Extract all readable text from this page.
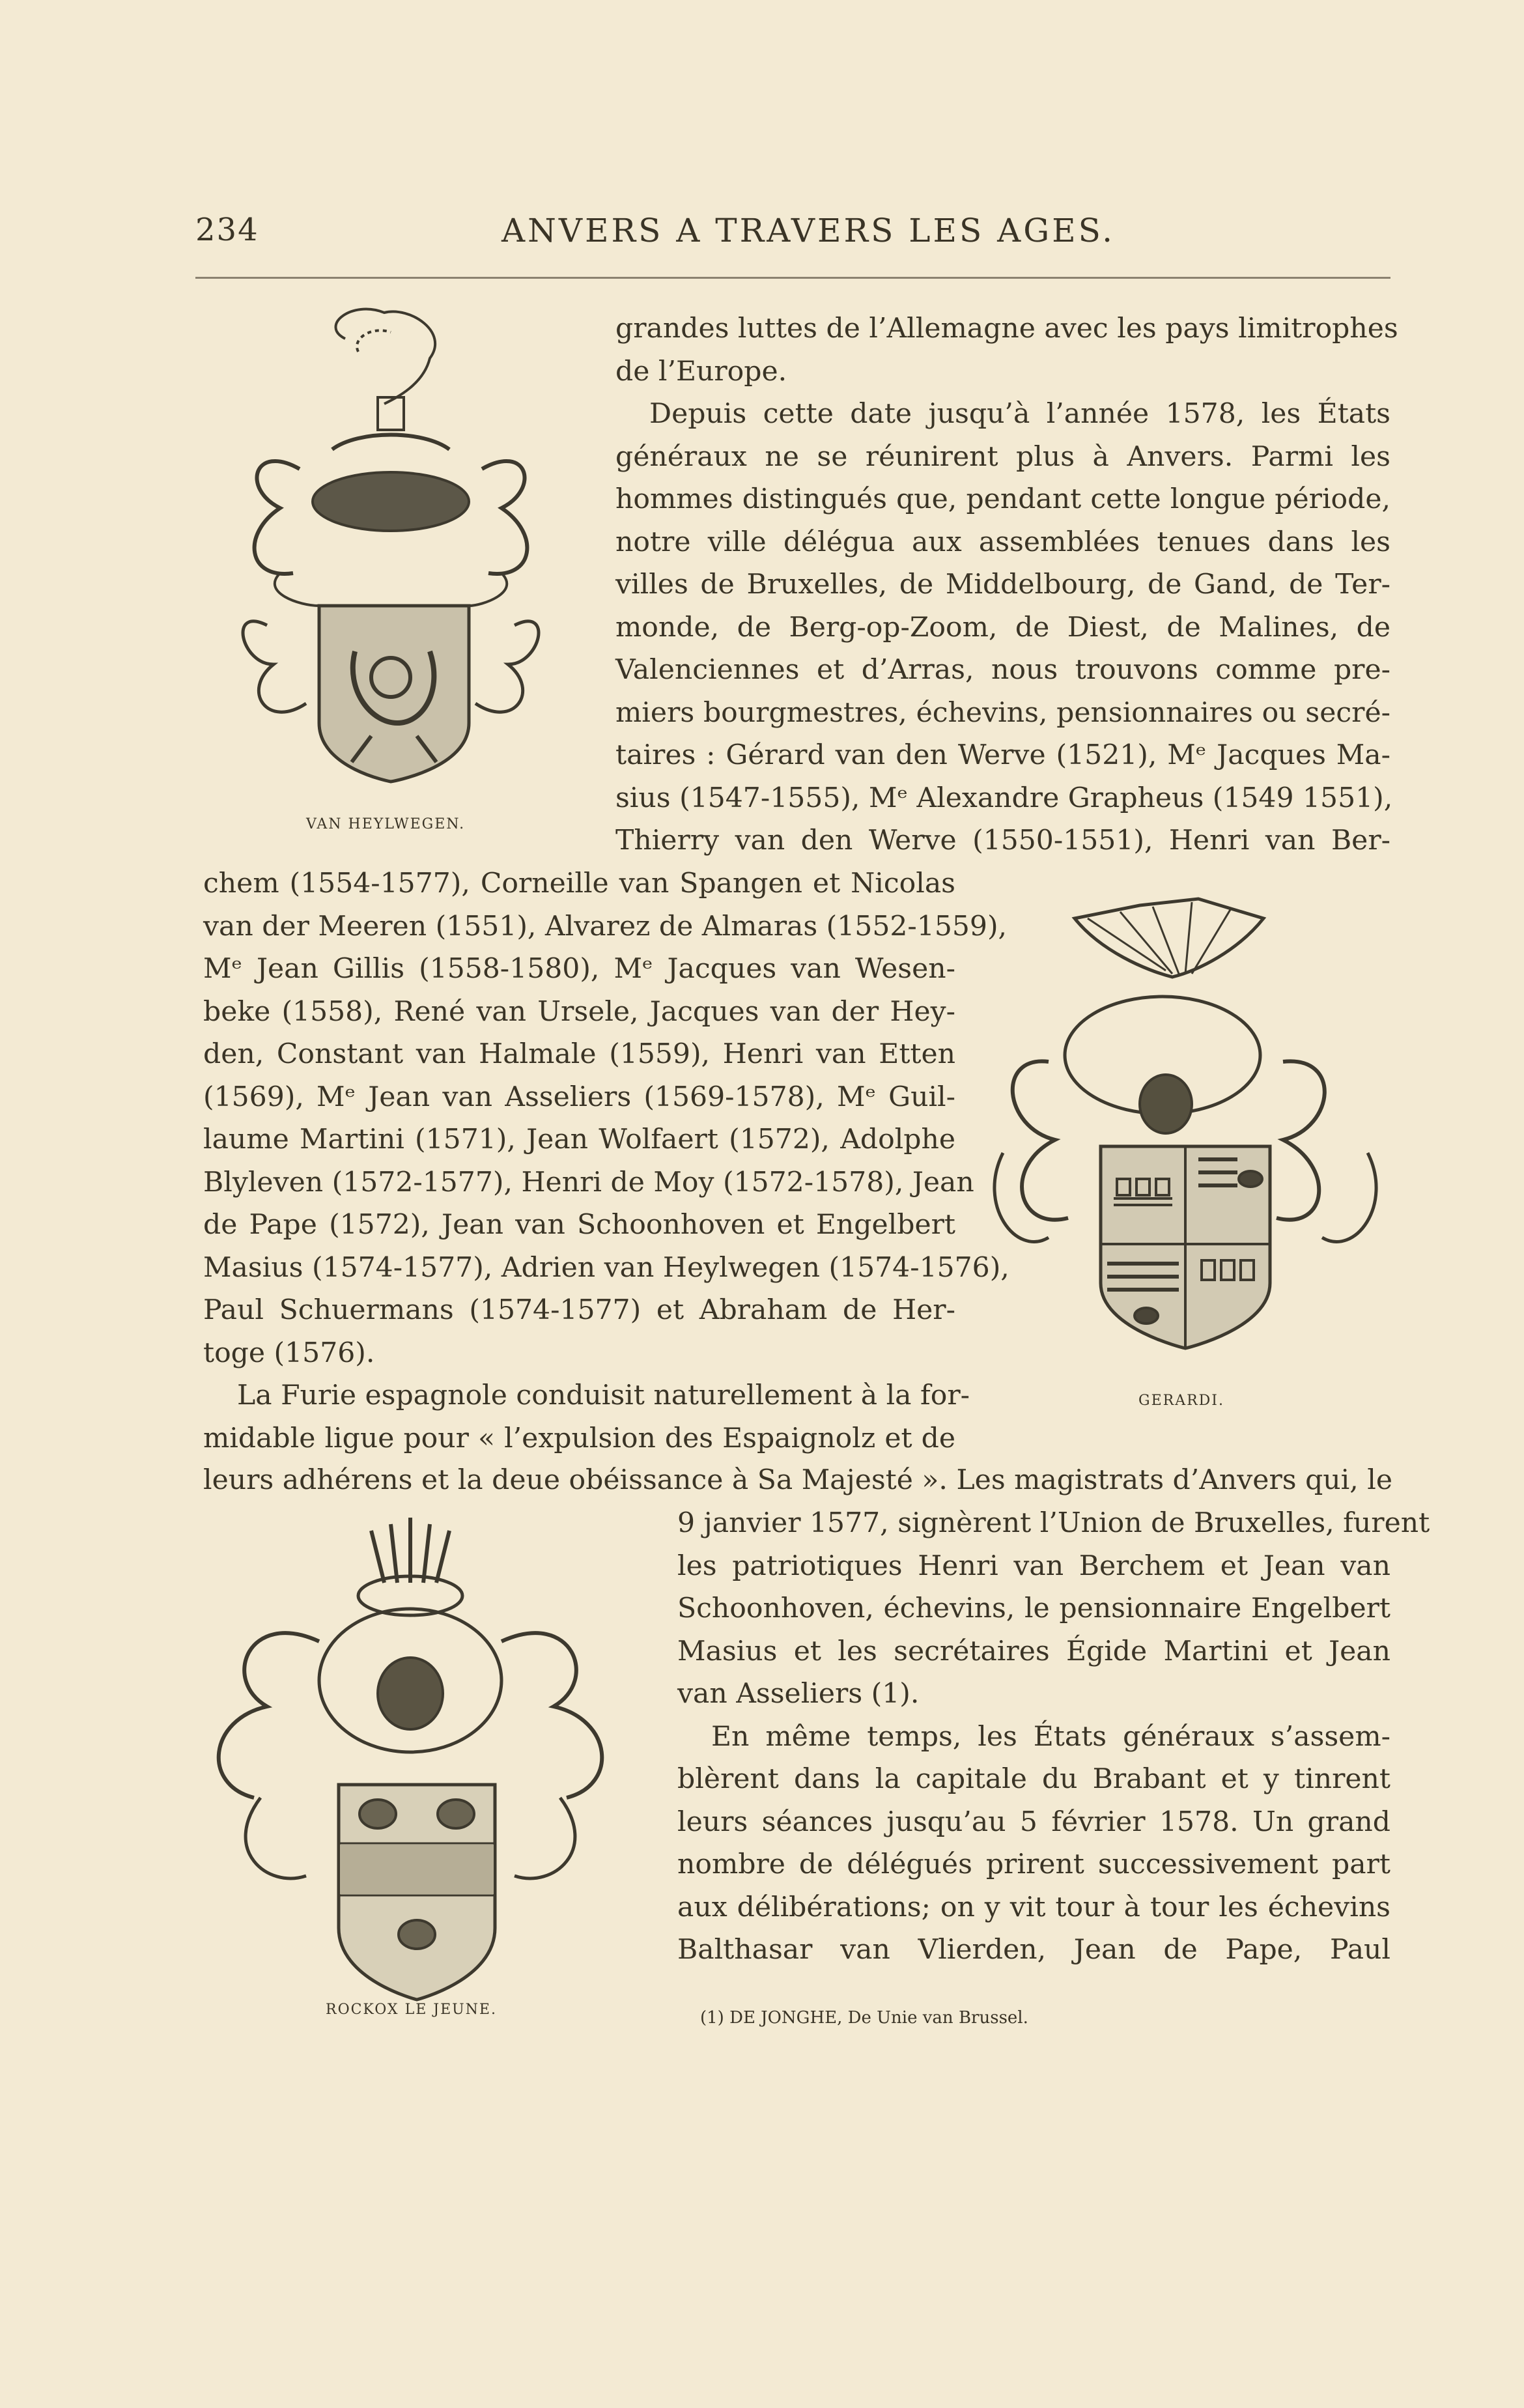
234	ANVERS A TRAVERS LES AGES.
VAN HEYLWEGEN.
grandes luttes de l’Allemagne avec les pays limitrophes
de l’Europe.
Depuis cette date jusqu’à l’année 1578, les États
généraux ne se réunirent plus à Anvers. Parmi les
hommes distingués que, pendant cette longue période,
notre ville délégua aux assemblées tenues dans les
villes de Bruxelles, de Middelbourg, de Gand, de Ter-
monde, de Berg-op-Zoom, de Diest, de Malines, de
Valenciennes et d’Arras, nous trouvons comme pre-
miers bourgmestres, échevins, pensionnaires ou secré-
taires : Gérard van den Werve (1521), Mᵉ Jacques Ma-
sius (1547-1555), Mᵉ Alexandre Grapheus (1549 1551),
Thierry van den Werve (1550-1551), Henri van Ber-
chem (1554-1577), Corneille van Spangen et Nicolas
van der Meeren (1551), Alvarez de Almaras (1552-1559),
Mᵉ Jean Gillis (1558-1580), Mᵉ Jacques van Wesen-
beke (1558), René van Ursele, Jacques van der Hey-
den, Constant van Halmale (1559), Henri van Etten
(1569), Mᵉ Jean van Asseliers (1569-1578), Mᵉ Guil-
laume Martini (1571), Jean Wolfaert (1572), Adolphe
Blyleven (1572-1577), Henri de Moy (1572-1578), Jean
de Pape (1572), Jean van Schoonhoven et Engelbert
Masius (1574-1577), Adrien van Heylwegen (1574-1576),
Paul Schuermans (1574-1577) et Abraham de Her-
toge (1576).
La Furie espagnole conduisit naturellement à la for-
midable ligue pour « l’expulsion des Espaignolz et de
GERARDI.
leurs adhérens et la deue obéissance à Sa Majesté ». Les magistrats d’Anvers qui, le
ROCKOX LE JEUNE.
9 janvier 1577, signèrent l’Union de Bruxelles, furent
les patriotiques Henri van Berchem et Jean van
Schoonhoven, échevins, le pensionnaire Engelbert
Masius et les secrétaires Égide Martini et Jean
van Asseliers (1).
En même temps, les États généraux s’assem-
blèrent dans la capitale du Brabant et y tinrent
leurs séances jusqu’au 5 février 1578. Un grand
nombre de délégués prirent successivement part
aux délibérations; on y vit tour à tour les échevins
Balthasar van Vlierden, Jean de Pape, Paul
(1) DE JONGHE, De Unie van Brussel.
